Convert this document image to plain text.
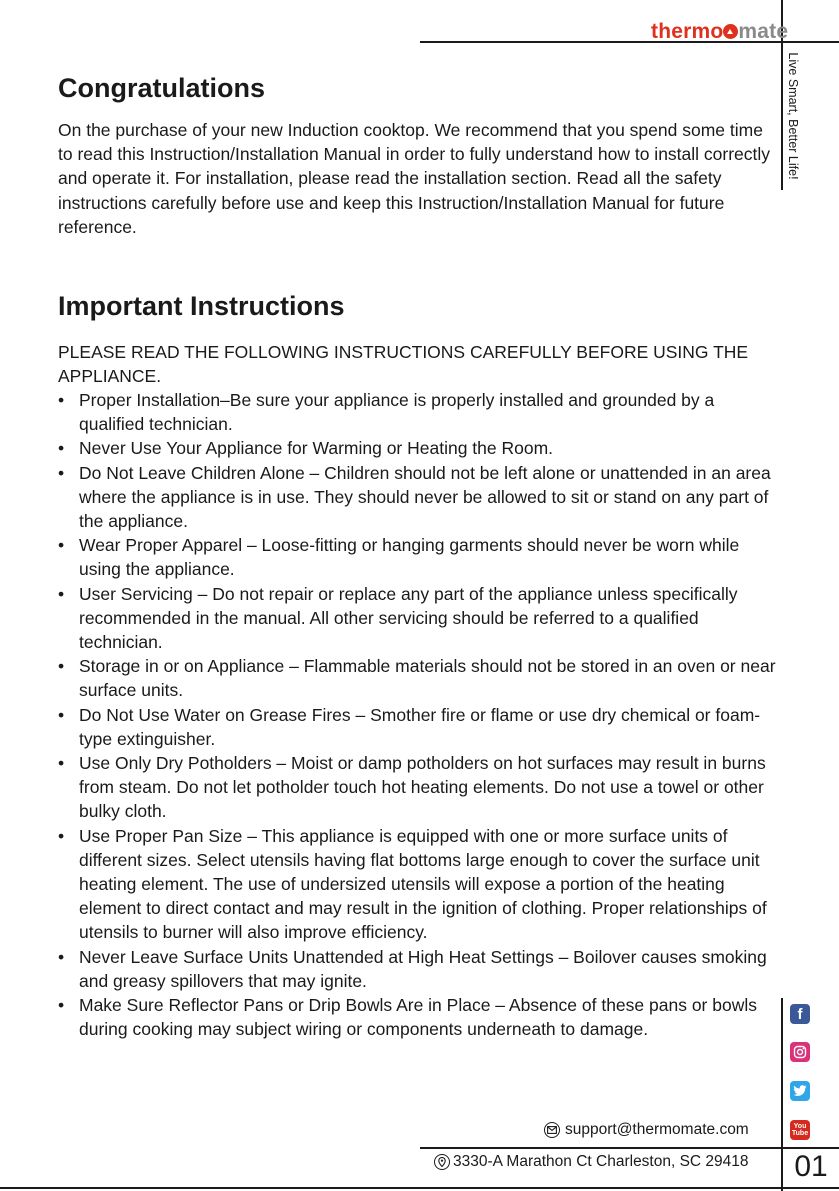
thermo mate
Live Smart, Better Life!
Congratulations

On the purchase of your new Induction cooktop. We recommend that you spend some time to read this Instruction/Installation Manual in order to fully understand how to install correctly and operate it. For installation, please read the installation section. Read all the safety instructions carefully before use and keep this Instruction/Installation Manual for future reference.

Important Instructions

PLEASE READ THE FOLLOWING INSTRUCTIONS CAREFULLY BEFORE USING THE APPLIANCE.

• Proper Installation–Be sure your appliance is properly installed and grounded by a qualified technician.
• Never Use Your Appliance for Warming or Heating the Room.
• Do Not Leave Children Alone – Children should not be left alone or unattended in an area where the appliance is in use. They should never be allowed to sit or stand on any part of the appliance.
• Wear Proper Apparel – Loose-fitting or hanging garments should never be worn while using the appliance.
• User Servicing – Do not repair or replace any part of the appliance unless specifically recommended in the manual. All other servicing should be referred to a qualified technician.
• Storage in or on Appliance – Flammable materials should not be stored in an oven or near surface units.
• Do Not Use Water on Grease Fires – Smother fire or flame or use dry chemical or foam-type extinguisher.
• Use Only Dry Potholders – Moist or damp potholders on hot surfaces may result in burns from steam. Do not let potholder touch hot heating elements. Do not use a towel or other bulky cloth.
• Use Proper Pan Size – This appliance is equipped with one or more surface units of different sizes. Select utensils having flat bottoms large enough to cover the surface unit heating element. The use of undersized utensils will expose a portion of the heating element to direct contact and may result in the ignition of clothing. Proper relationships of utensils to burner will also improve efficiency.
• Never Leave Surface Units Unattended at High Heat Settings – Boilover causes smoking and greasy spillovers that may ignite.
• Make Sure Reflector Pans or Drip Bowls Are in Place – Absence of these pans or bowls during cooking may subject wiring or components underneath to damage.
f
You
Tube
support@thermomate.com
3330-A Marathon Ct Charleston, SC 29418 01
